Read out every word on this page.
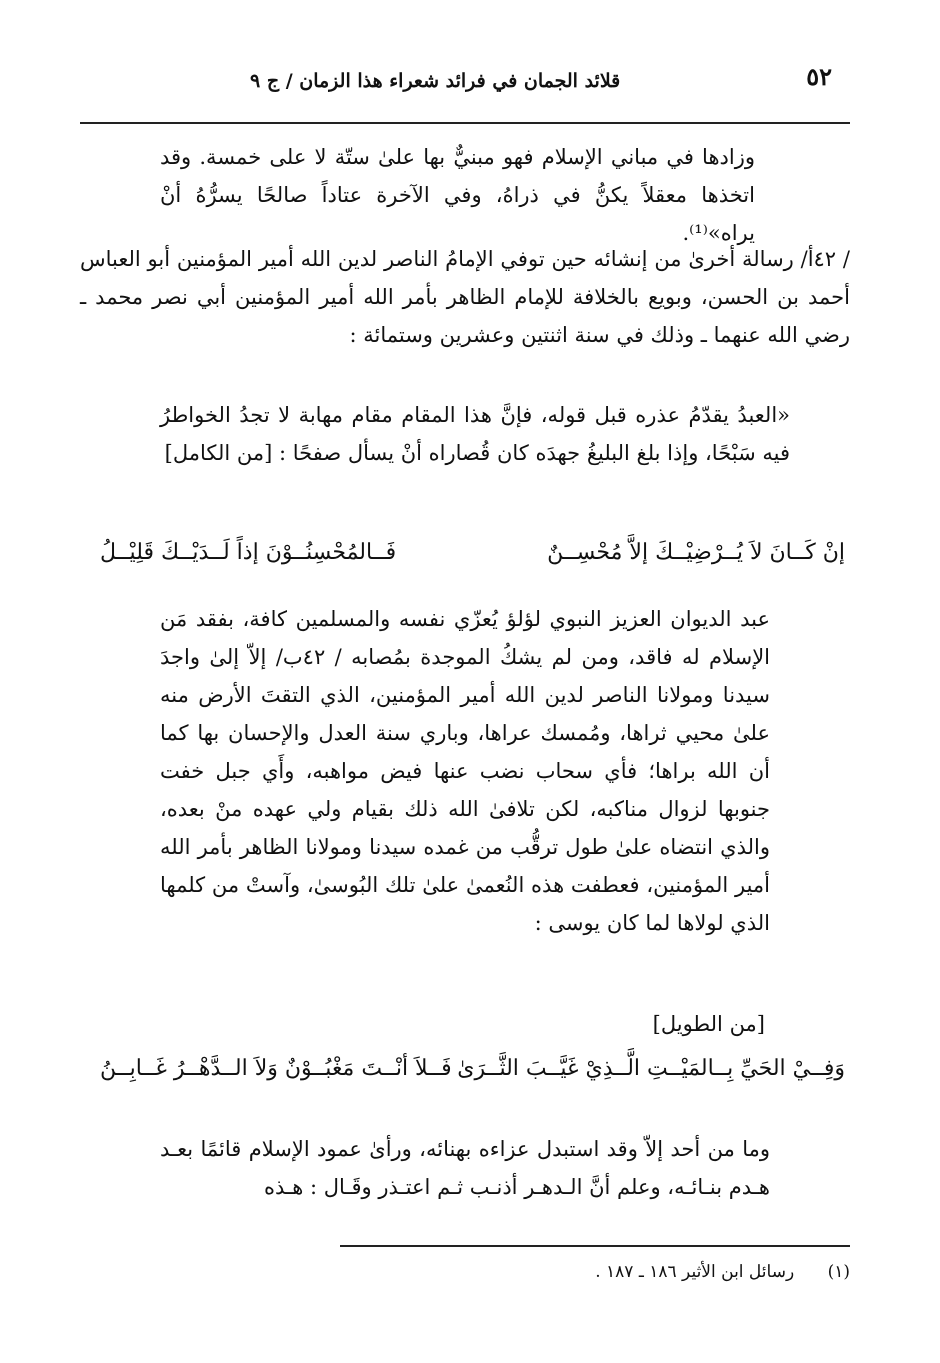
٥٢
قلائد الجمان في فرائد شعراء هذا الزمان / ج ٩
وزادها في مباني الإسلام فهو مبنيٌّ بها علىٰ ستّة لا على خمسة. وقد اتخذها معقلاً يكنُّ في ذراهُ، وفي الآخرة عتاداً صالحًا يسرُّهُ أنْ يراه»⁽¹⁾.
/ ٤٢أ/ رسالة أخرىٰ من إنشائه حين توفي الإمامُ الناصر لدين الله أمير المؤمنين أبو العباس أحمد بن الحسن، وبويع بالخلافة للإمام الظاهر بأمر الله أمير المؤمنين أبي نصر محمد ـ رضي الله عنهما ـ وذلك في سنة اثنتين وعشرين وستمائة :
«العبدُ يقدّمُ عذره قبل قوله، فإنَّ هذا المقام مقام مهابة لا تجدُ الخواطرُ فيه سَبْحًا، وإذا بلغ البليغُ جهدَه كان قُصاراه أنْ يسأل صفحًا : [من الكامل]
إنْ كَــانَ لاَ يُــرْضِيْــكَ إلاَّ مُحْسِــنٌ
فَــالمُحْسِنُــوْنَ إذاً لَــدَيْــكَ قَلِيْــلُ
عبد الديوان العزيز النبوي لؤلؤ يُعزّي نفسه والمسلمين كافة، بفقد مَن الإسلام له فاقد، ومن لم يشكُ الموجدة بمُصابه / ٤٢ب/ إلاّ إلىٰ واجدَ سيدنا ومولانا الناصر لدين الله أمير المؤمنين، الذي التقتَ الأرض منه علىٰ محيي ثراها، ومُمسك عراها، وباري سنة العدل والإحسان بها كما أن الله براها؛ فأي سحاب نضب عنها فيض مواهبه، وأَي جبل خفت جنوبها لزوال مناكبه، لكن تلافىٰ الله ذلك بقيام ولي عهده منْ بعده، والذي انتضاه علىٰ طول ترقُّب من غمده سيدنا ومولانا الظاهر بأمر الله أمير المؤمنين، فعطفت هذه النُعمىٰ علىٰ تلك البُوسىٰ، وآستْ من كلمها الذي لولاها لما كان يوسى :
[من الطويل]
وَفِــيْ الحَيِّ بِــالمَيْــتِ الَّــذِيْ غَيَّــبَ الثَّــرَىٰ
فَــلاَ أنْــتَ مَغْبُــوْنٌ وَلاَ الــدَّهْــرُ غَــابِــنُ
وما من أحد إلاّ وقد استبدل عزاءه بهنائه، ورأىٰ عمود الإسلام قائمًا بعـد هـدم بنـائـه، وعلم أنَّ الـدهـر أذنـب ثـم اعتـذر وقَـال : هـذه
(١) رسائل ابن الأثير ١٨٦ ـ ١٨٧ .
